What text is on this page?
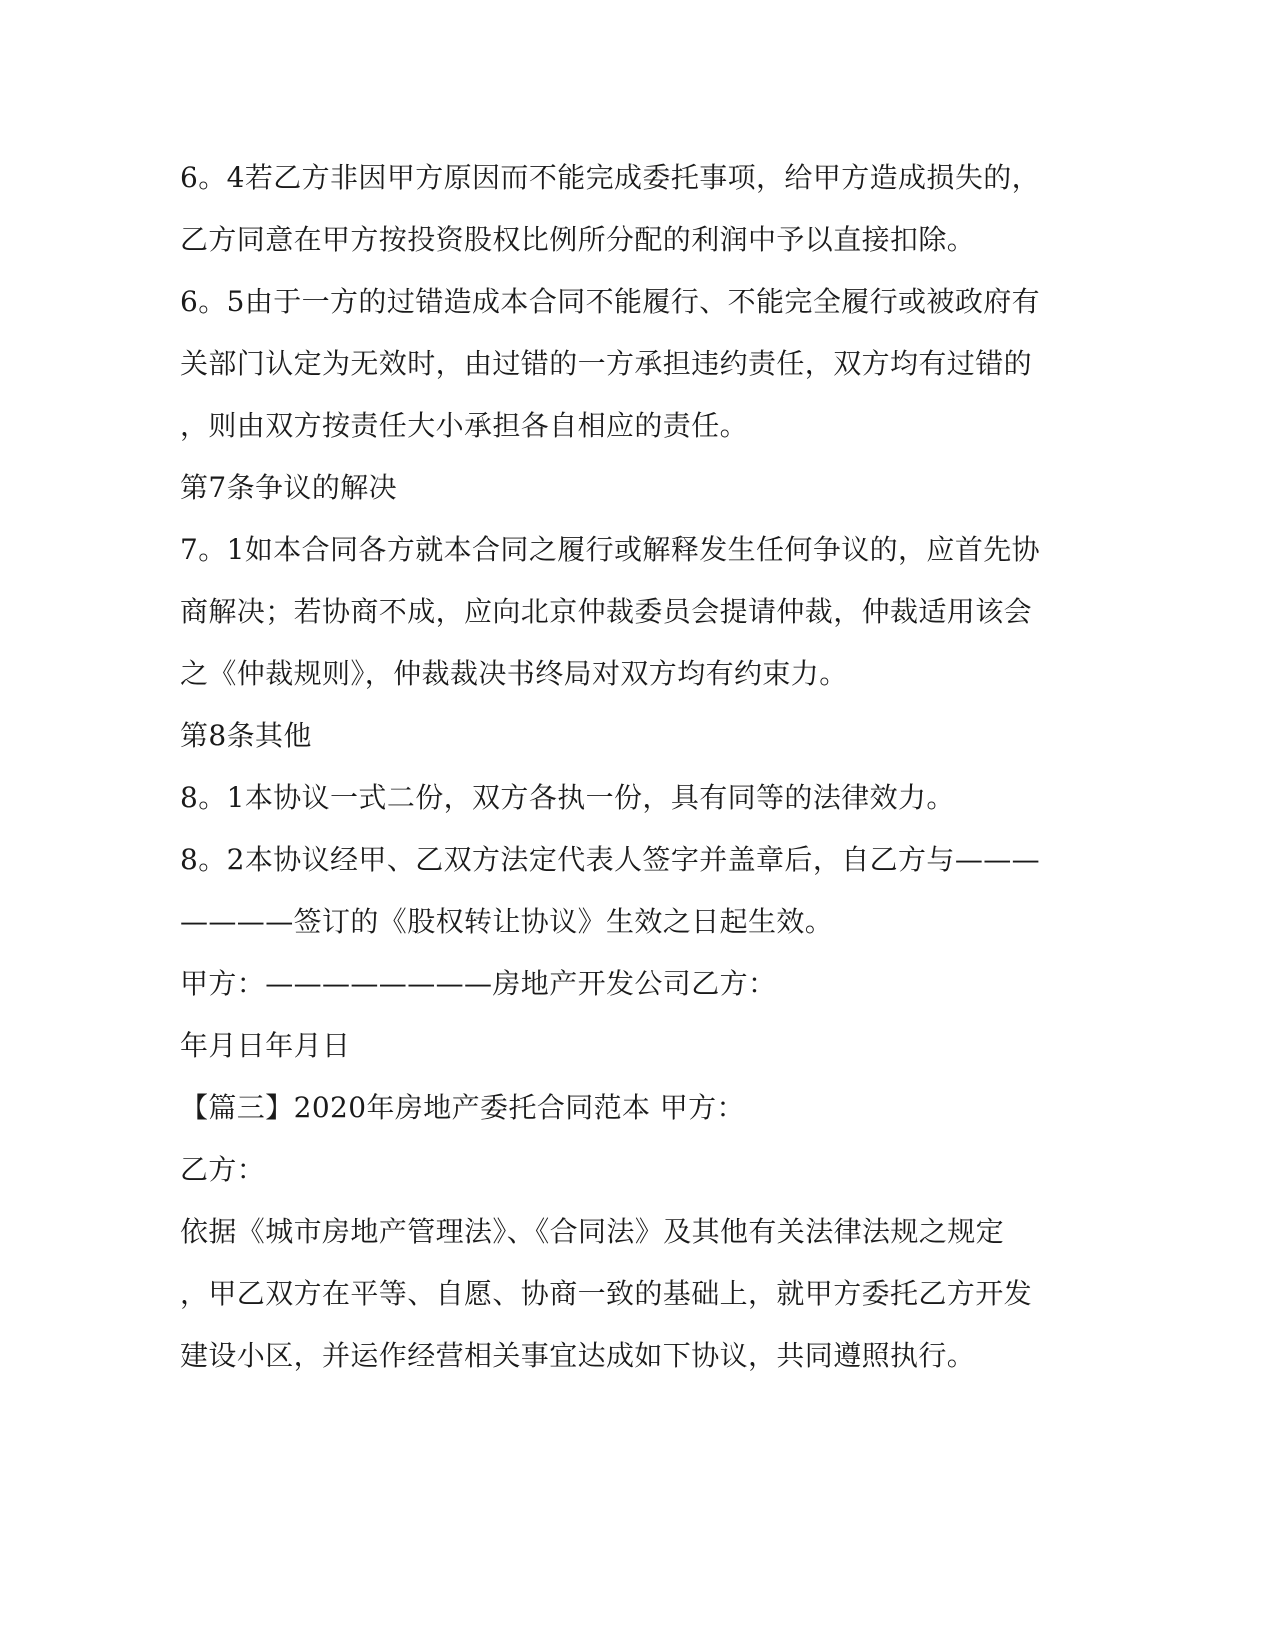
6。4若乙方非因甲方原因而不能完成委托事项，给甲方造成损失的，

乙方同意在甲方按投资股权比例所分配的利润中予以直接扣除。

6。5由于一方的过错造成本合同不能履行、不能完全履行或被政府有

关部门认定为无效时，由过错的一方承担违约责任，双方均有过错的

，则由双方按责任大小承担各自相应的责任。

第7条争议的解决

7。1如本合同各方就本合同之履行或解释发生任何争议的，应首先协

商解决；若协商不成，应向北京仲裁委员会提请仲裁，仲裁适用该会

之《仲裁规则》，仲裁裁决书终局对双方均有约束力。

第8条其他

8。1本协议一式二份，双方各执一份，具有同等的法律效力。

8。2本协议经甲、乙双方法定代表人签字并盖章后，自乙方与———

————签订的《股权转让协议》生效之日起生效。

甲方：————————房地产开发公司乙方：

年月日年月日

【篇三】2020年房地产委托合同范本 甲方：

乙方：

依据《城市房地产管理法》、《合同法》及其他有关法律法规之规定

，甲乙双方在平等、自愿、协商一致的基础上，就甲方委托乙方开发

建设小区，并运作经营相关事宜达成如下协议，共同遵照执行。
